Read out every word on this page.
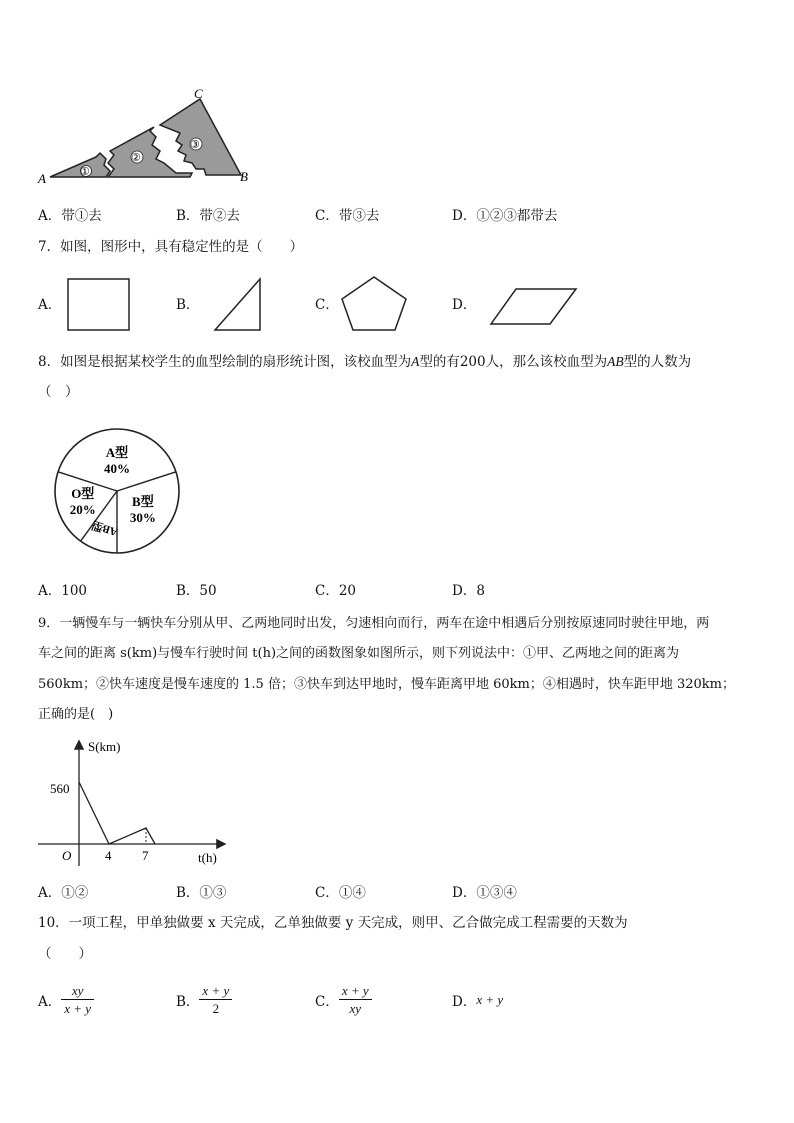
A	B
C
①
②
③
A．带①去	B．带②去	C．带③去	D．①②③都带去
7．如图，图形中，具有稳定性的是（　　）
A．	B．	C．	D．
8．如图是根据某校学生的血型绘制的扇形统计图，该校血型为A型的有200人，那么该校血型为AB型的人数为
（　）
A型
40%
B型
30%
AB型
O型
20%
A．100	B．50	C．20	D．8
9．一辆慢车与一辆快车分别从甲、乙两地同时出发，匀速相向而行，两车在途中相遇后分别按原速同时驶往甲地，两
车之间的距离 s(km)与慢车行驶时间 t(h)之间的函数图象如图所示，则下列说法中：①甲、乙两地之间的距离为
560km；②快车速度是慢车速度的 1.5 倍；③快车到达甲地时，慢车距离甲地 60km；④相遇时，快车距甲地 320km；
正确的是(　)
S(km)
t(h)
560
O	4 7
A．①②	B．①③	C．①④	D．①③④
10．一项工程，甲单独做要 x 天完成，乙单独做要 y 天完成，则甲、乙合做完成工程需要的天数为
（　　）
A． $\frac{xy}{x + y}$	B． $\frac{x + y}{2}$	C． $\frac{x + y}{xy}$	D． x + y
